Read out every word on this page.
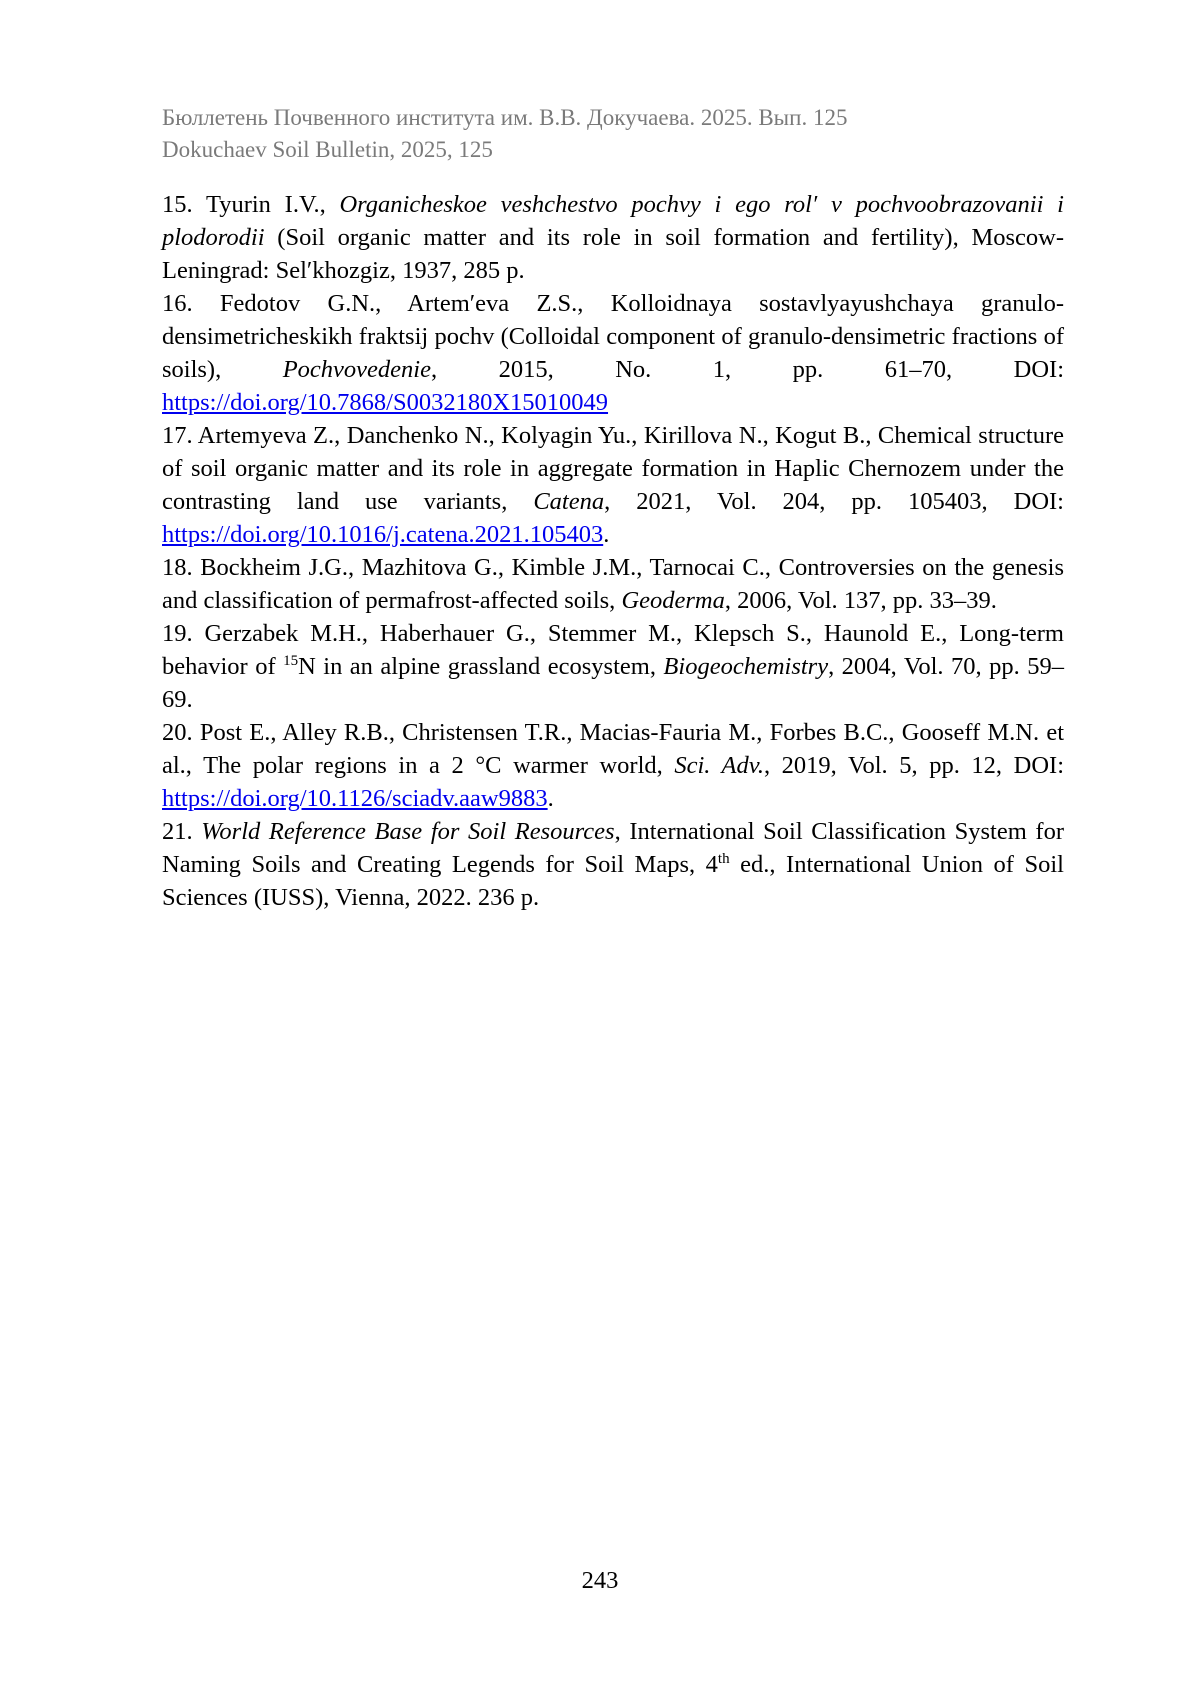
Бюллетень Почвенного института им. В.В. Докучаева. 2025. Вып. 125
Dokuchaev Soil Bulletin, 2025, 125

15. Tyurin I.V., Organicheskoe veshchestvo pochvy i ego rol′ v pochvoobrazovanii i plodorodii (Soil organic matter and its role in soil formation and fertility), Moscow-Leningrad: Sel′khozgiz, 1937, 285 p.

16. Fedotov G.N., Artem′eva Z.S., Kolloidnaya sostavlyayushchaya granulo-densimetricheskikh fraktsij pochv (Colloidal component of granulo-densimetric fractions of soils), Pochvovedenie, 2015, No. 1, pp. 61–70, DOI: https://doi.org/10.7868/S0032180X15010049

17. Artemyeva Z., Danchenko N., Kolyagin Yu., Kirillova N., Kogut B., Chemical structure of soil organic matter and its role in aggregate formation in Haplic Chernozem under the contrasting land use variants, Catena, 2021, Vol. 204, pp. 105403, DOI: https://doi.org/10.1016/j.catena.2021.105403.

18. Bockheim J.G., Mazhitova G., Kimble J.M., Tarnocai C., Controversies on the genesis and classification of permafrost-affected soils, Geoderma, 2006, Vol. 137, pp. 33–39.

19. Gerzabek M.H., Haberhauer G., Stemmer M., Klepsch S., Haunold E., Long-term behavior of $^{15}$N in an alpine grassland ecosystem, Biogeochemistry, 2004, Vol. 70, pp. 59–69.

20. Post E., Alley R.B., Christensen T.R., Macias-Fauria M., Forbes B.C., Gooseff M.N. et al., The polar regions in a 2 °C warmer world, Sci. Adv., 2019, Vol. 5, pp. 12, DOI: https://doi.org/10.1126/sciadv.aaw9883.

21. World Reference Base for Soil Resources, International Soil Classification System for Naming Soils and Creating Legends for Soil Maps, 4th ed., International Union of Soil Sciences (IUSS), Vienna, 2022. 236 p.

243
